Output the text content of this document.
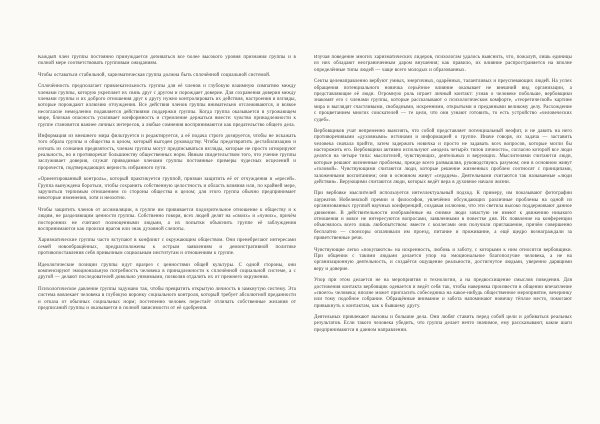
Каждый член группы постоянно принуждается добиваться все более высокого уровня признания группы и в полной мере соответствовать групповым ожиданиям.

Чтобы оставаться стабильной, харизматическая группа должна быть сплочённой социальной системой.

Сплочённость предполагает привлекательность группы для её членов и глубокую взаимную симпатию между членами группы, которую укрепляет их связь друг с другом и порождает доверие. Для сохранения доверия между членами группы и их доброго отношения друг к другу нужно контролировать их действия, настроения и взгляды, которые порождают иллюзию отчуждения. Все действия членов группы внимательно отслеживаются, и всякое несогласие немедленно подавляется действиями поддержки группы. Когда группа оказывается в угрожающем мире, близкая опасность усиливает конформность и стремление держаться вместе: чувство принадлежности к группе становится важнее личных интересов, а любые сомнения воспринимаются как предательство общего дела.

Информация из внешнего мира фильтруется и редактируется, а её подача строго дозируется, чтобы не искажать того образа группы и общества в целом, который выгоден руководству. Чтобы предотвратить дестабилизацию и изгнать из сознания предвзятость, членам группы могут предписываться взгляды, которые не просто игнорируют реальность, но и противоречат большинству общественных норм. Явным свидетельством того, что учение группы заслуживает доверия, служат приводимые членами группы постоянные примеры чудесных исцелений и пророчеств, подтверждающих верность избранного пути.

«Ориентированный контроль», который практикуется группой, призван защитить её от отчуждения и «ересей». Группа вынуждена бороться, чтобы сохранить собственную целостность и область влияния или, по крайней мере, заручиться терпимым отношением со стороны общества в целом; для этого группа обычно предпринимает некоторые изменения, хотя и неохотно.

Чтобы защитить членов от ассимиляции, в группе им прививается подозрительное отношение к обществу и к людям, не разделяющим ценности группы. Собственно говоря, всех людей делят на «своих» и «чужих», причём посторонних не считают полноценными людьми, а их попытки объяснить группе её заблуждения воспринимаются как происки врагов или знак духовной слепоты.

Харизматические группы часто вступают в конфликт с окружающим обществом. Они пренебрегают интересами семей новообращённых, предрасположены к острым заявлениям и демонстративной политике противопоставления себя привычным социальным институтам и отношениям к группе.

Идеологические позиции группы идут вразрез с ценностями общей культуры. С одной стороны, они компенсируют эмоциональную потребность человека в принадлежности к сплочённой социальной системе, а с другой — делают последователей довольно уязвимыми, позволяя отдалить их от прежнего окружения.

Психологическое давление группы задумано так, чтобы превратить открытую личность в замкнутую систему. Эта система вовлекает человека в глубокую воронку социального контроля, который требует абсолютной преданности и отказа от обычных социальных норм; постепенно человек перестаёт отличать собственные желания от предписаний группы и оказывается в полной зависимости от её одобрения.

Изучая поведение многих харизматических лидеров, психологам удалось выяснить, что, пожалуй, лишь единицы из них обладают неограниченным даром внушения; как правило, их влияние распространяется на вполне определённые типы людей — чаще всего молодых и образованных.

Секты целенаправленно вербуют умных, энергичных, одарённых, талантливых и преуспевающих людей. На успех обращения потенциального новичка серьёзное влияние оказывает не внешний вид организации, а представляющие её люди. Огромную роль играет личный контакт: узнав о человеке побольше, вербовщики знакомят его с членами группы, которые рассказывают о психологическом комфорте, «теоретической» картине мира и выглядят счастливыми, свободными, искренними, открытыми и преданными великому делу. Расхождение с процветанием многих соискателей — те цели, что они узнают готовить, то есть устройство «человеческих судеб».

Вербовщиков учат непременно выяснять, что собой представляет потенциальный неофит, и не давить на него противоречивыми «духовными» истинами и информацией о группе. Иначе говоря, их задача — заставить человека сначала прийти, затем задержать новичка и просто не задавать всех вопросов, которые могли бы насторожить его. Вербовщики активно используют «модель четырёх типов личности», согласно которой все люди делятся на четыре типа: мыслителей, чувствующих, деятельных и верующих. Мыслителями считаются люди, которые решают жизненные проблемы, прежде всего размышляя, руководствуясь разумом; они в основном живут «головой». Чувствующими считаются люди, которые решение жизненных проблем соотносят с принципами, заложенными воспитанием; они в основном живут «сердцем». Деятельными считаются так называемые «люди действия». Верующими считаются люди, которых ведёт вера в духовное начало жизни.

При вербовке мыслителей используется интеллектуальный подход. К примеру, им показывают фотографии лауреатов Нобелевской премии и философов, увлечённо обсуждающих различные проблемы на одной из организованных группой научных конференций, создавая иллюзию, что эти светила высоко поддерживают данное движение. В действительности изображённые на снимке люди зачастую не имеют к движению никакого отношения и вовсе не интересуются вопросами, заявленными в повестке дня. Их появление на конференции объяснялось всего лишь любопытством: вместе с коллегами они получили приглашение, причём совершенно бесплатно — спонсоры оплачивали им проезд, питание и проживание, а ещё щедро вознаграждали за приветственные речи.

Чувствующие легко «покупаются» на искренность, любовь и заботу, с которыми к ним относятся вербовщики. При общении с такими людьми делается упор на эмоциональное благополучие человека, а не на организационную деятельность, и создаётся ощущение реальности, достигнутое людьми, уверенно дарящими веру и доверие.

Упор при этом делается не на мероприятия и технологии, а на предвосхищение смыслов поведения. Для достижения контакта вербовщик одевается и ведёт себя так, чтобы наверняка произвести в общении впечатление «своего» человека; вполне может пригласить собеседника на какое-нибудь общественное мероприятие, вечеринку или тому подобное собрание. Обращённые внимание и забота напоминают новичку тёплое место, помогают привыкнуть к контактам, как к бывшему другу.

Деятельных привлекают вызовы и большие дела. Они любят ставить перед собой цели и добиваться реальных результатов. Если такого человека убедить, что группа делает нечто значимое, ему рассказывают, какие шаги предпринимаются в данном направлении.
